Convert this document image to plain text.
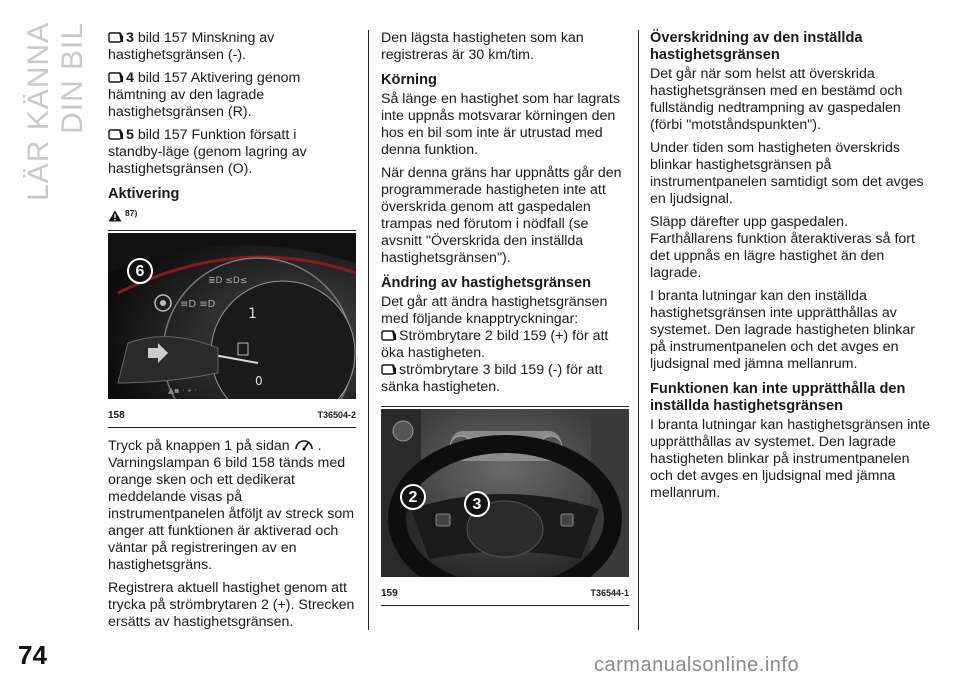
LÄR KÄNNA DIN BIL	3 bild 157 Minskning av
hastighetsgränsen (-).

4 bild 157 Aktivering genom
hämtning av den lagrade hastighetsgränsen (R).

5 bild 157 Funktion försatt i
standby-läge (genom lagring av hastighetsgränsen (O).

Aktivering
87)
1
0
≡D ≡D
≣D ≤D≤
▲▪ · ⌖ ·
6
158	T36504-2

Tryck på knappen 1 på sidan . Varningslampan 6 bild 158 tänds med orange sken och ett dedikerat meddelande visas på instrumentpanelen åtföljt av streck som anger att funktionen är aktiverad och väntar på registreringen av en hastighetsgräns.

Registrera aktuell hastighet genom att trycka på strömbrytaren 2 (+). Strecken ersätts av hastighetsgränsen.

Den lägsta hastigheten som kan registreras är 30 km/tim.

Körning

Så länge en hastighet som har lagrats inte uppnås motsvarar körningen den hos en bil som inte är utrustad med denna funktion.

När denna gräns har uppnåtts går den programmerade hastigheten inte att överskrida genom att gaspedalen trampas ned förutom i nödfall (se avsnitt "Överskrida den inställda hastighetsgränsen").

Ändring av hastighetsgränsen

Det går att ändra hastighetsgränsen med följande knapptryckningar:

Strömbrytare 2 bild 159 (+) för att
öka hastigheten.

strömbrytare 3 bild 159 (-) för att
sänka hastigheten.

888
2	3
159	T36544-1
Överskridning av den inställda hastighetsgränsen

Det går när som helst att överskrida hastighetsgränsen med en bestämd och fullständig nedtrampning av gaspedalen (förbi "motståndspunkten").

Under tiden som hastigheten överskrids blinkar hastighetsgränsen på instrumentpanelen samtidigt som det avges en ljudsignal.

Släpp därefter upp gaspedalen. Farthållarens funktion återaktiveras så fort det uppnås en lägre hastighet än den lagrade.

I branta lutningar kan den inställda hastighetsgränsen inte upprätthållas av systemet. Den lagrade hastigheten blinkar på instrumentpanelen och det avges en ljudsignal med jämna mellanrum.

Funktionen kan inte upprätthålla den inställda hastighetsgränsen

I branta lutningar kan hastighetsgränsen inte upprätthållas av systemet. Den lagrade hastigheten blinkar på instrumentpanelen och det avges en ljudsignal med jämna mellanrum.

74	carmanualsonline.info
